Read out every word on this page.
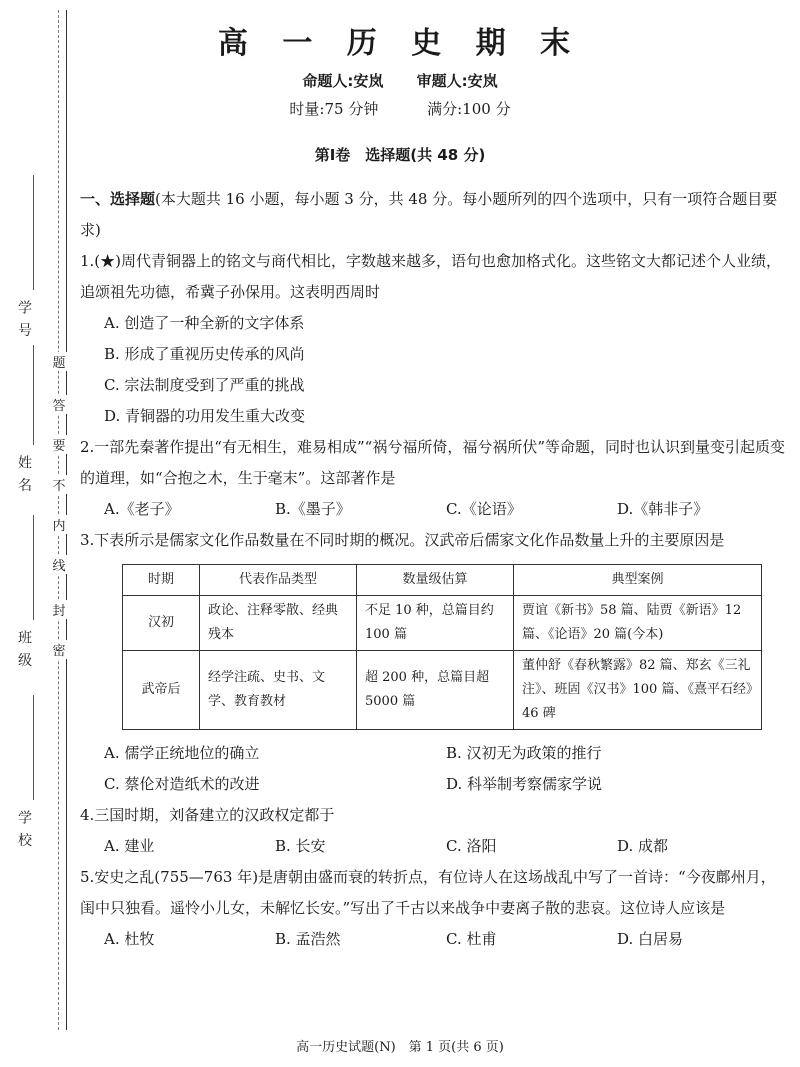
学 号
姓 名
班 级
学 校
密
封
线
内
不
要
答
题
高 一 历 史 期 末
命题人:安岚 审题人:安岚
时量:75 分钟	满分:100 分
第Ⅰ卷　选择题(共 48 分)

一、选择题(本大题共 16 小题，每小题 3 分，共 48 分。每小题所列的四个选项中，只有一项符合题目要求)

1.(★)周代青铜器上的铭文与商代相比，字数越来越多，语句也愈加格式化。这些铭文大都记述个人业绩，追颂祖先功德，希冀子孙保用。这表明西周时

A. 创造了一种全新的文字体系
B. 形成了重视历史传承的风尚
C. 宗法制度受到了严重的挑战
D. 青铜器的功用发生重大改变

2.一部先秦著作提出“有无相生，难易相成”“祸兮福所倚，福兮祸所伏”等命题，同时也认识到量变引起质变的道理，如“合抱之木，生于毫末”。这部著作是

A.《老子》	B.《墨子》	C.《论语》	D.《韩非子》

3.下表所示是儒家文化作品数量在不同时期的概况。汉武帝后儒家文化作品数量上升的主要原因是

时期	代表作品类型	数量级估算	典型案例
汉初	政论、注释零散、经典残本	不足 10 种，总篇目约 100 篇	贾谊《新书》58 篇、陆贾《新语》12 篇、《论语》20 篇(今本)
武帝后	经学注疏、史书、文学、教育教材	超 200 种，总篇目超 5000 篇	董仲舒《春秋繁露》82 篇、郑玄《三礼注》、班固《汉书》100 篇、《熹平石经》46 碑
A. 儒学正统地位的确立	B. 汉初无为政策的推行
C. 蔡伦对造纸术的改进	D. 科举制考察儒家学说

4.三国时期，刘备建立的汉政权定都于

A. 建业	B. 长安	C. 洛阳	D. 成都

5.安史之乱(755—763 年)是唐朝由盛而衰的转折点，有位诗人在这场战乱中写了一首诗：“今夜鄜州月，闺中只独看。遥怜小儿女，未解忆长安。”写出了千古以来战争中妻离子散的悲哀。这位诗人应该是

A. 杜牧	B. 孟浩然	C. 杜甫	D. 白居易
高一历史试题(N)　第 1 页(共 6 页)
